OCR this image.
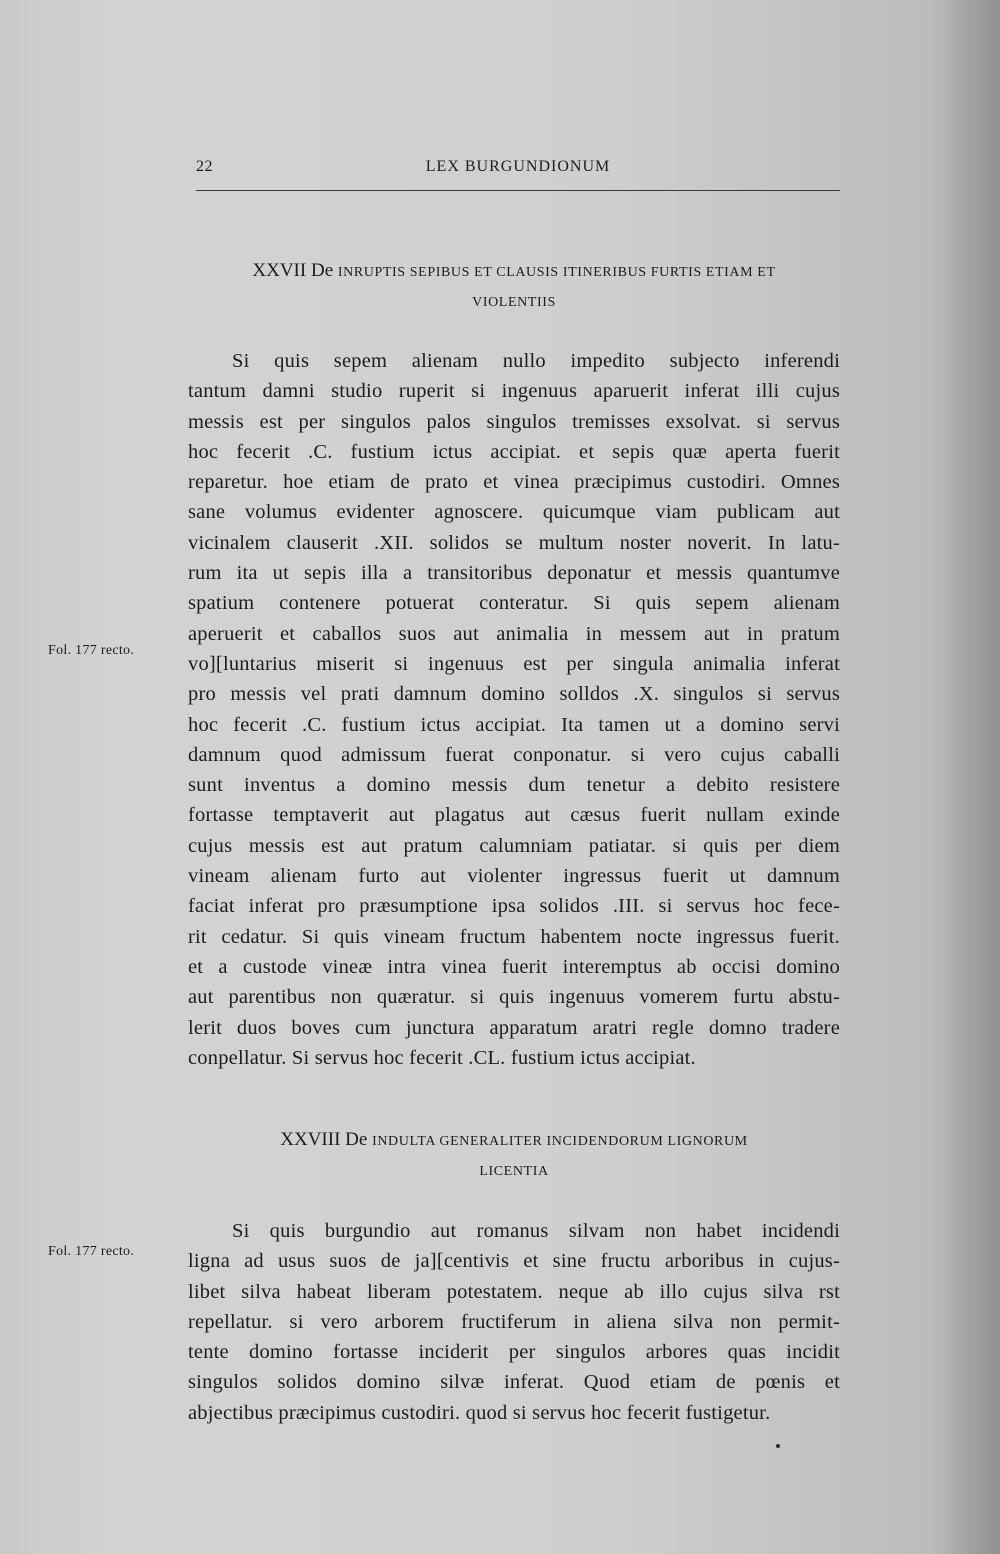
22	LEX BURGUNDIONUM
XXVII De INRUPTIS SEPIBUS ET CLAUSIS ITINERIBUS FURTIS ETIAM ET
VIOLENTIIS
Si quis sepem alienam nullo impedito subjecto inferendi
tantum damni studio ruperit si ingenuus aparuerit inferat illi cujus
messis est per singulos palos singulos tremisses exsolvat. si servus
hoc fecerit .C. fustium ictus accipiat. et sepis quæ aperta fuerit
reparetur. hoe etiam de prato et vinea præcipimus custodiri. Omnes
sane volumus evidenter agnoscere. quicumque viam publicam aut
vicinalem clauserit .XII. solidos se multum noster noverit. In latu-
rum ita ut sepis illa a transitoribus deponatur et messis quantumve
spatium contenere potuerat conteratur. Si quis sepem alienam
aperuerit et caballos suos aut animalia in messem aut in pratum
vo][luntarius miserit si ingenuus est per singula animalia inferat
pro messis vel prati damnum domino solldos .X. singulos si servus
hoc fecerit .C. fustium ictus accipiat. Ita tamen ut a domino servi
damnum quod admissum fuerat conponatur. si vero cujus caballi
sunt inventus a domino messis dum tenetur a debito resistere
fortasse temptaverit aut plagatus aut cæsus fuerit nullam exinde
cujus messis est aut pratum calumniam patiatar. si quis per diem
vineam alienam furto aut violenter ingressus fuerit ut damnum
faciat inferat pro præsumptione ipsa solidos .III. si servus hoc fece-
rit cedatur. Si quis vineam fructum habentem nocte ingressus fuerit.
et a custode vineæ intra vinea fuerit interemptus ab occisi domino
aut parentibus non quæratur. si quis ingenuus vomerem furtu abstu-
lerit duos boves cum junctura apparatum aratri regle domno tradere
conpellatur. Si servus hoc fecerit .CL. fustium ictus accipiat.
Fol. 177 recto.
XXVIII De INDULTA GENERALITER INCIDENDORUM LIGNORUM
LICENTIA
Si quis burgundio aut romanus silvam non habet incidendi
ligna ad usus suos de ja][centivis et sine fructu arboribus in cujus-
libet silva habeat liberam potestatem. neque ab illo cujus silva rst
repellatur. si vero arborem fructiferum in aliena silva non permit-
tente domino fortasse inciderit per singulos arbores quas incidit
singulos solidos domino silvæ inferat. Quod etiam de pœnis et
abjectibus præcipimus custodiri. quod si servus hoc fecerit fustigetur.
Fol. 177 recto.
